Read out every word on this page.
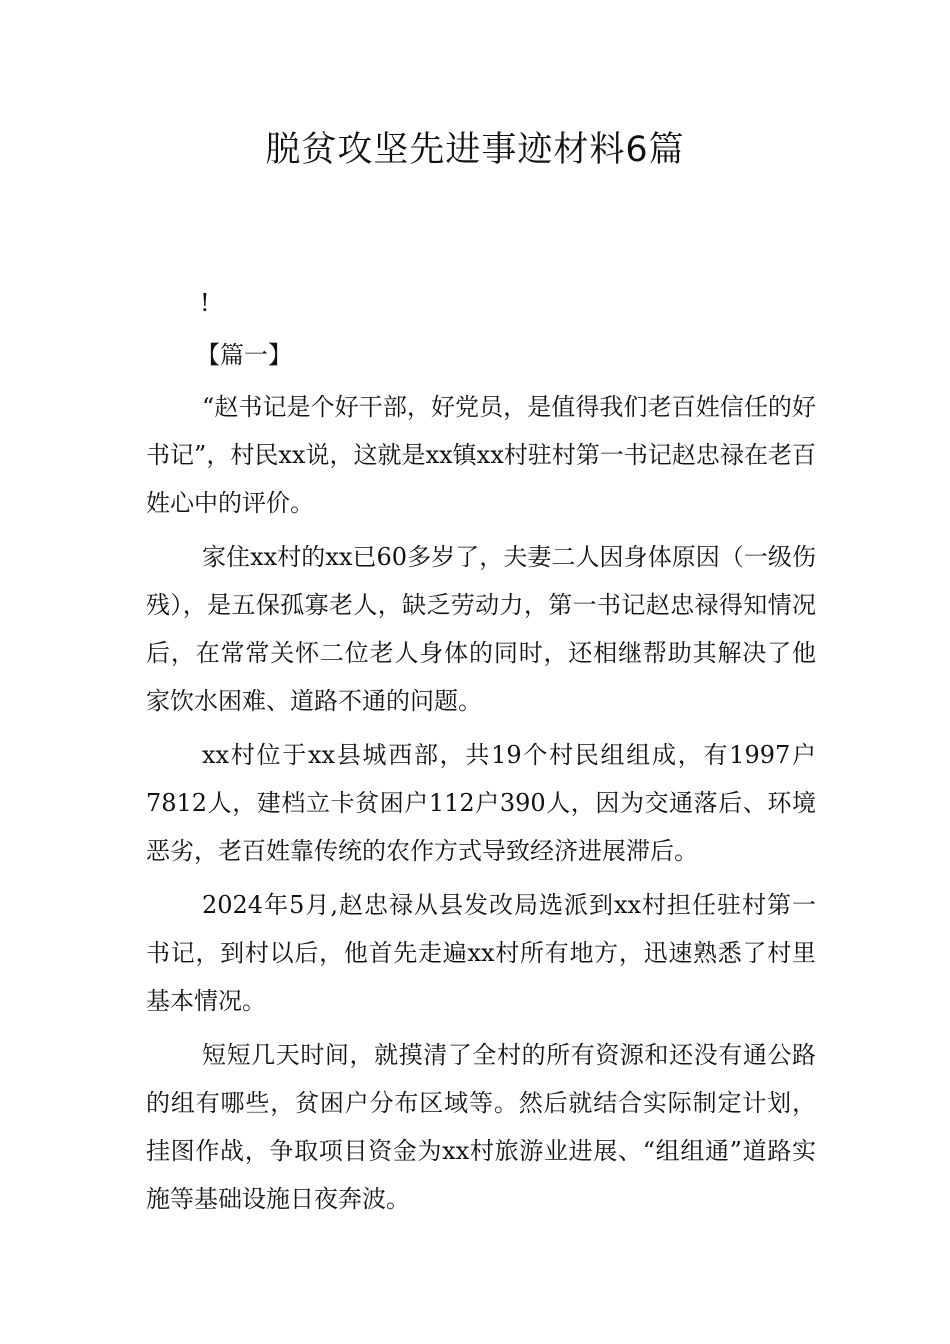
脱贫攻坚先进事迹材料6篇
!
【篇一】

“赵书记是个好干部，好党员，是值得我们老百姓信任的好书记”，村民xx说，这就是xx镇xx村驻村第一书记赵忠禄在老百姓心中的评价。

家住xx村的xx已60多岁了，夫妻二人因身体原因（一级伤残），是五保孤寡老人，缺乏劳动力，第一书记赵忠禄得知情况后，在常常关怀二位老人身体的同时，还相继帮助其解决了他家饮水困难、道路不通的问题。

xx村位于xx县城西部，共19个村民组组成，有1997户7812人，建档立卡贫困户112户390人，因为交通落后、环境恶劣，老百姓靠传统的农作方式导致经济进展滞后。

2024年5月,赵忠禄从县发改局选派到xx村担任驻村第一书记，到村以后，他首先走遍xx村所有地方，迅速熟悉了村里基本情况。

短短几天时间，就摸清了全村的所有资源和还没有通公路的组有哪些，贫困户分布区域等。然后就结合实际制定计划，挂图作战，争取项目资金为xx村旅游业进展、“组组通”道路实施等基础设施日夜奔波。
